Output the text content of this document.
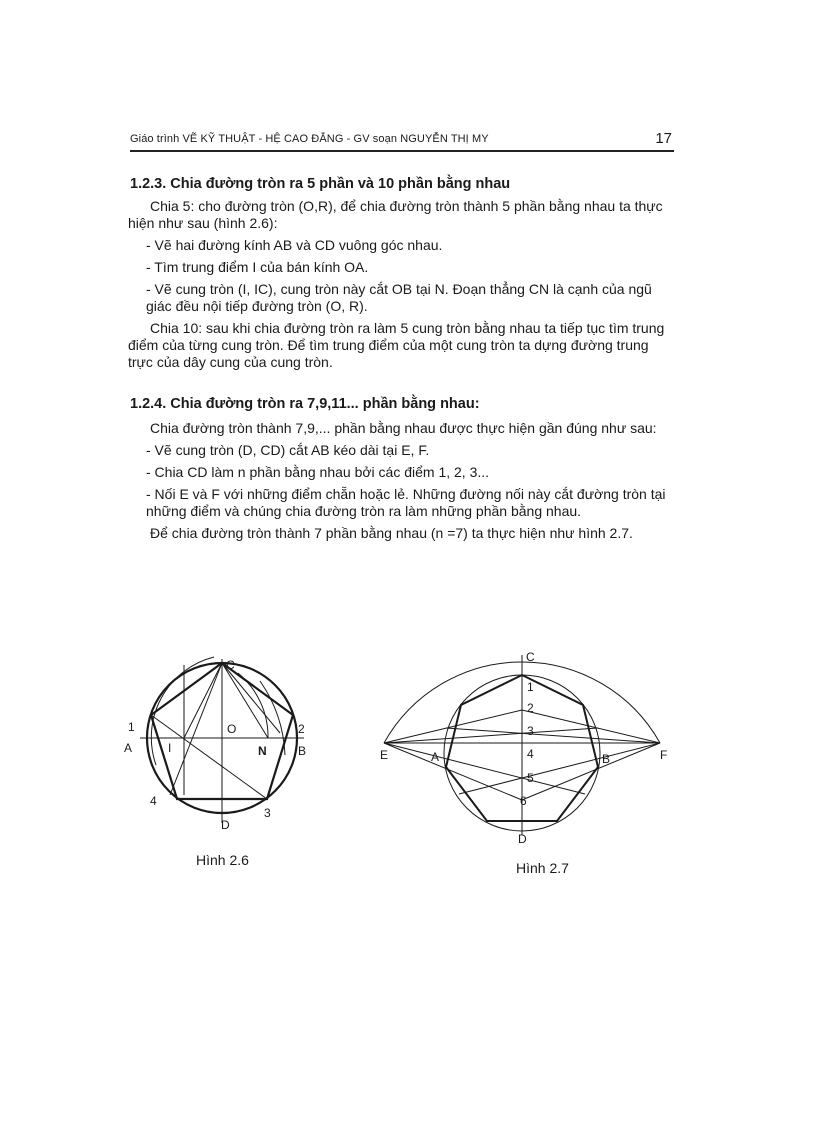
Giáo trình VẼ KỸ THUẬT - HỆ CAO ĐẲNG - GV soạn NGUYỄN THỊ MY	17
1.2.3. Chia đường tròn ra 5 phần và 10 phần bằng nhau

Chia 5: cho đường tròn (O,R), để chia đường tròn thành 5 phần bằng nhau ta thực hiện như sau (hình 2.6):

- Vẽ hai đường kính AB và CD vuông góc nhau.

- Tìm trung điểm I của bán kính OA.

- Vẽ cung tròn (I, IC), cung tròn này cắt OB tại N. Đoạn thẳng CN là cạnh của ngũ giác đều nội tiếp đường tròn (O, R).

Chia 10: sau khi chia đường tròn ra làm 5 cung tròn bằng nhau ta tiếp tục tìm trung điểm của từng cung tròn. Để tìm trung điểm của một cung tròn ta dựng đường trung trực của dây cung của cung tròn.

1.2.4. Chia đường tròn ra 7,9,11... phần bằng nhau:

Chia đường tròn thành 7,9,... phần bằng nhau được thực hiện gần đúng như sau:

- Vẽ cung tròn (D, CD) cắt AB kéo dài tại E, F.

- Chia CD làm n phần bằng nhau bởi các điểm 1, 2, 3...

- Nối E và F với những điểm chẵn hoặc lẻ. Những đường nối này cắt đường tròn tại những điểm và chúng chia đường tròn ra làm những phần bằng nhau.

Để chia đường tròn thành 7 phần bằng nhau (n =7) ta thực hiện như hình 2.7.

C
O
1
A	I	N
2
B
4
3
D
Hình 2.6
C
1
2
3
4
5
6
E	A	B	F
D
Hình 2.7
